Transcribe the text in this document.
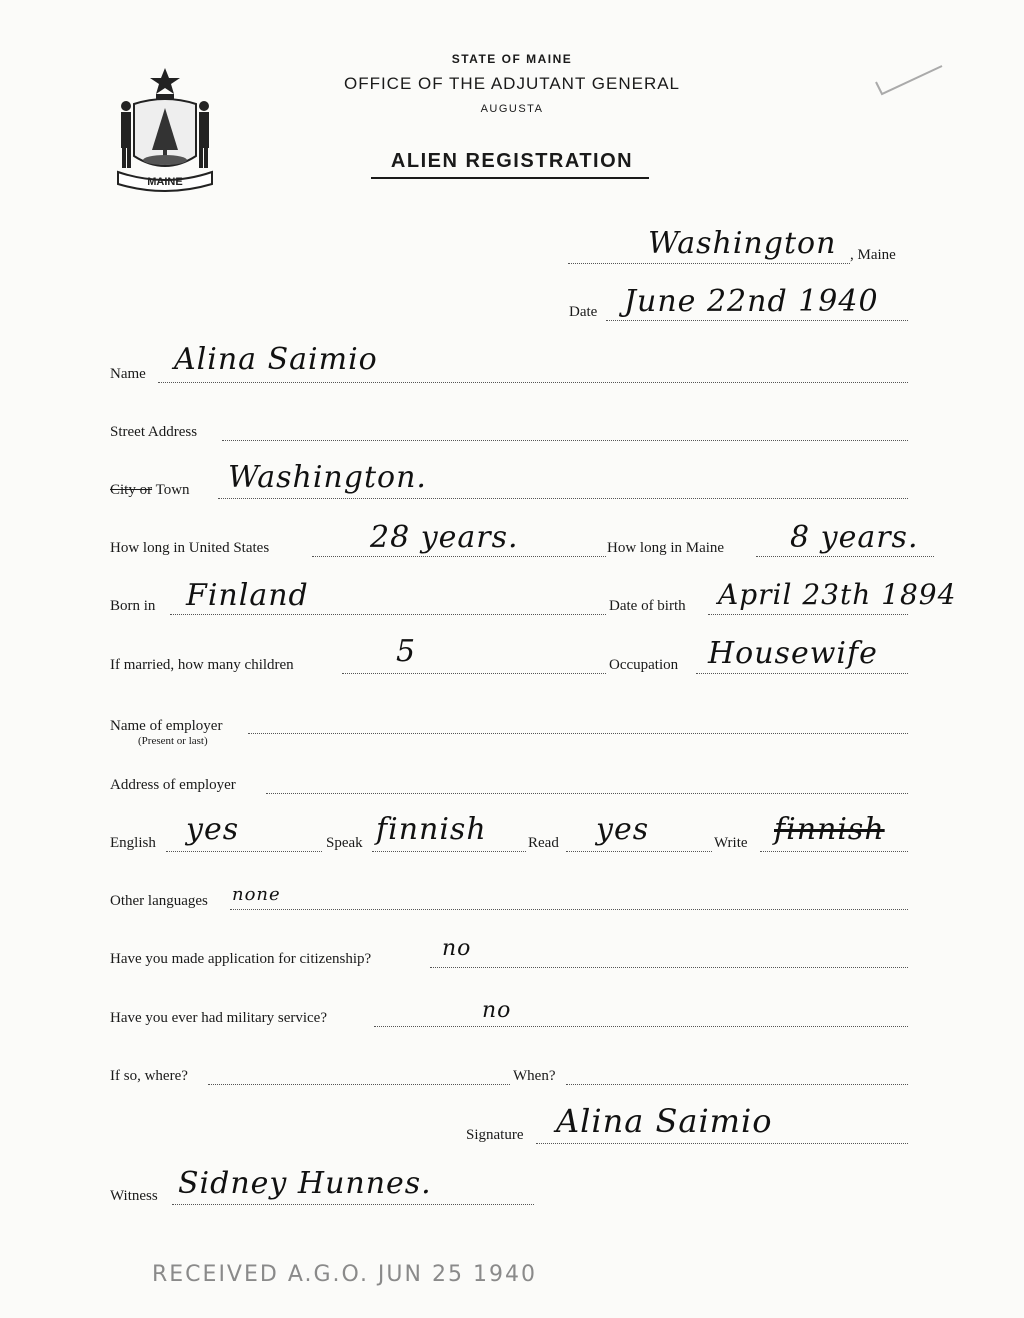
MAINE
STATE OF MAINE
OFFICE OF THE ADJUTANT GENERAL
AUGUSTA
ALIEN REGISTRATION
Washington , Maine
Date June 22nd 1940
Name Alina Saimio
Street Address
City or Town Washington.
How long in United States	28 years.	How long in Maine 8 years.
Born in Finland	Date of birth April 23th 1894
If married, how many children	5	Occupation Housewife
Name of employer
(Present or last)
Address of employer
English yes	Speak finnish	Read yes	Write finnish
Other languages none
Have you made application for citizenship?	no
Have you ever had military service?	no
If so, where?	When?
Signature Alina Saimio
Witness Sidney Hunnes.
RECEIVED A.G.O. JUN 25 1940
